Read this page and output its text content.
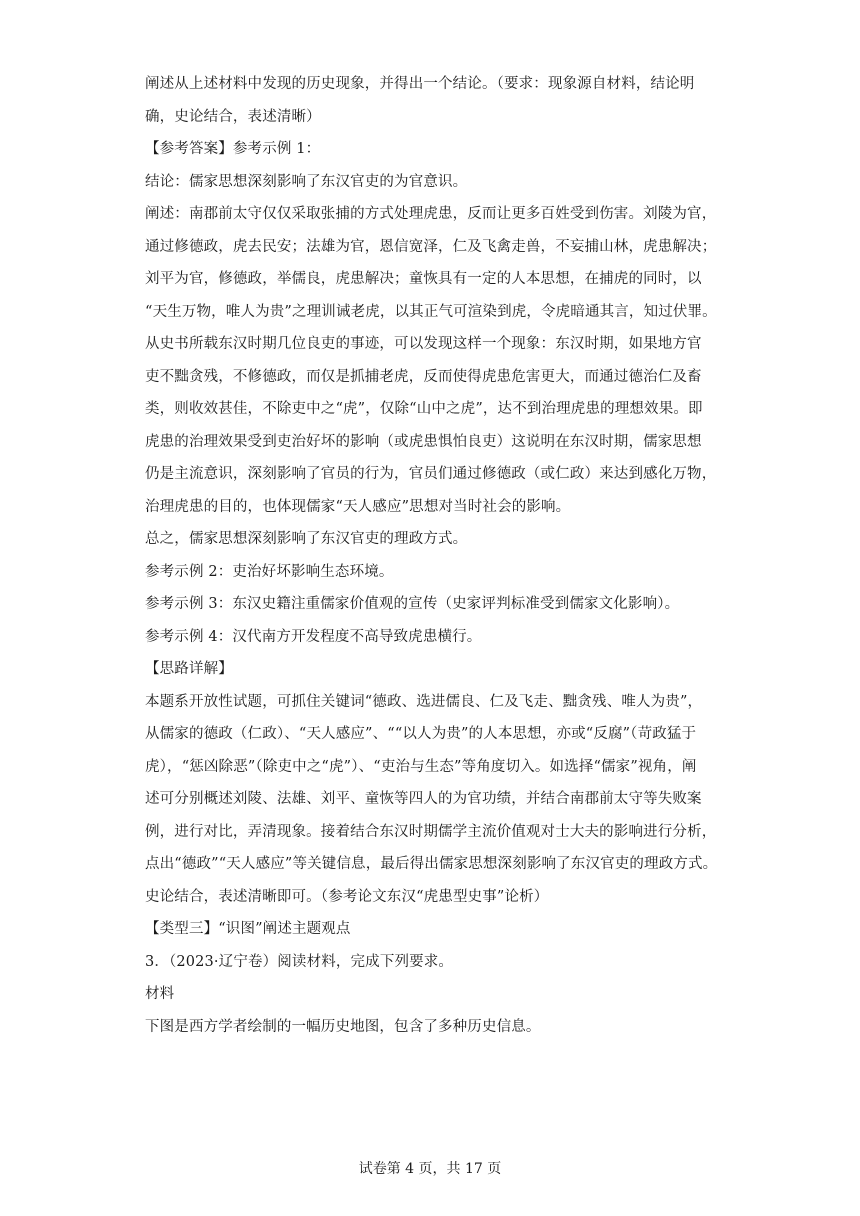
阐述从上述材料中发现的历史现象，并得出一个结论。（要求：现象源自材料，结论明
确，史论结合，表述清晰）
【参考答案】参考示例 1：
结论：儒家思想深刻影响了东汉官吏的为官意识。
阐述：南郡前太守仅仅采取张捕的方式处理虎患，反而让更多百姓受到伤害。刘陵为官，
通过修德政，虎去民安；法雄为官，恩信宽泽，仁及飞禽走兽，不妄捕山林，虎患解决；
刘平为官，修德政，举儒良，虎患解决；童恢具有一定的人本思想，在捕虎的同时，以
“天生万物，唯人为贵”之理训诫老虎，以其正气可渲染到虎，令虎暗通其言，知过伏罪。
从史书所载东汉时期几位良吏的事迹，可以发现这样一个现象：东汉时期，如果地方官
吏不黜贪残，不修德政，而仅是抓捕老虎，反而使得虎患危害更大，而通过德治仁及畜
类，则收效甚佳，不除吏中之“虎”，仅除“山中之虎”，达不到治理虎患的理想效果。即
虎患的治理效果受到吏治好坏的影响（或虎患惧怕良吏）这说明在东汉时期，儒家思想
仍是主流意识，深刻影响了官员的行为，官员们通过修德政（或仁政）来达到感化万物，
治理虎患的目的，也体现儒家“天人感应”思想对当时社会的影响。
总之，儒家思想深刻影响了东汉官吏的理政方式。
参考示例 2：吏治好坏影响生态环境。
参考示例 3：东汉史籍注重儒家价值观的宣传（史家评判标准受到儒家文化影响）。
参考示例 4：汉代南方开发程度不高导致虎患横行。
【思路详解】
本题系开放性试题，可抓住关键词“德政、选进儒良、仁及飞走、黜贪残、唯人为贵”，
从儒家的德政（仁政）、“天人感应”、““以人为贵”的人本思想，亦或“反腐”（苛政猛于
虎），“惩凶除恶”（除吏中之“虎”）、“吏治与生态”等角度切入。如选择“儒家”视角，阐
述可分别概述刘陵、法雄、刘平、童恢等四人的为官功绩，并结合南郡前太守等失败案
例，进行对比，弄清现象。接着结合东汉时期儒学主流价值观对士大夫的影响进行分析，
点出“德政”“天人感应”等关键信息，最后得出儒家思想深刻影响了东汉官吏的理政方式。
史论结合，表述清晰即可。（参考论文东汉“虎患型史事”论析）
【类型三】“识图”阐述主题观点
3．（2023·辽宁卷）阅读材料，完成下列要求。
材料
下图是西方学者绘制的一幅历史地图，包含了多种历史信息。
试卷第 4 页，共 17 页
